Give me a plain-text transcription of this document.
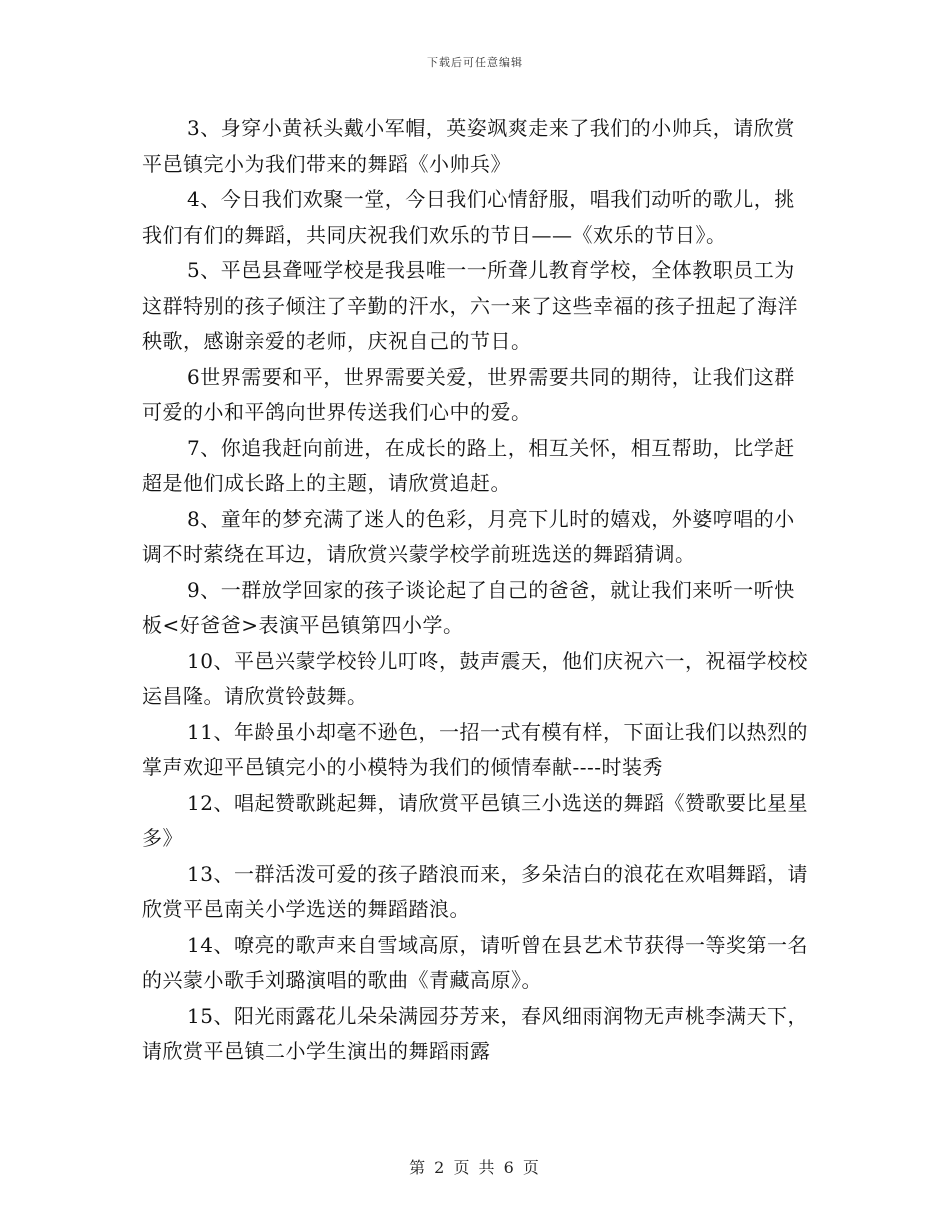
下载后可任意编辑

3、身穿小黄袄头戴小军帽，英姿飒爽走来了我们的小帅兵，请欣赏平邑镇完小为我们带来的舞蹈《小帅兵》

4、今日我们欢聚一堂，今日我们心情舒服，唱我们动听的歌儿，挑我们有们的舞蹈，共同庆祝我们欢乐的节日——《欢乐的节日》。

5、平邑县聋哑学校是我县唯一一所聋儿教育学校，全体教职员工为这群特别的孩子倾注了辛勤的汗水，六一来了这些幸福的孩子扭起了海洋秧歌，感谢亲爱的老师，庆祝自己的节日。

6世界需要和平，世界需要关爱，世界需要共同的期待，让我们这群可爱的小和平鸽向世界传送我们心中的爱。

7、你追我赶向前进，在成长的路上，相互关怀，相互帮助，比学赶超是他们成长路上的主题，请欣赏追赶。

8、童年的梦充满了迷人的色彩，月亮下儿时的嬉戏，外婆哼唱的小调不时萦绕在耳边，请欣赏兴蒙学校学前班选送的舞蹈猜调。

9、一群放学回家的孩子谈论起了自己的爸爸，就让我们来听一听快板<好爸爸>表演平邑镇第四小学。

10、平邑兴蒙学校铃儿叮咚，鼓声震天，他们庆祝六一，祝福学校校运昌隆。请欣赏铃鼓舞。

11、年龄虽小却毫不逊色，一招一式有模有样，下面让我们以热烈的掌声欢迎平邑镇完小的小模特为我们的倾情奉献----时装秀

12、唱起赞歌跳起舞，请欣赏平邑镇三小选送的舞蹈《赞歌要比星星多》

13、一群活泼可爱的孩子踏浪而来，多朵洁白的浪花在欢唱舞蹈，请欣赏平邑南关小学选送的舞蹈踏浪。

14、嘹亮的歌声来自雪域高原，请听曾在县艺术节获得一等奖第一名的兴蒙小歌手刘璐演唱的歌曲《青藏高原》。

15、阳光雨露花儿朵朵满园芬芳来，春风细雨润物无声桃李满天下，请欣赏平邑镇二小学生演出的舞蹈雨露

第 2 页 共 6 页
